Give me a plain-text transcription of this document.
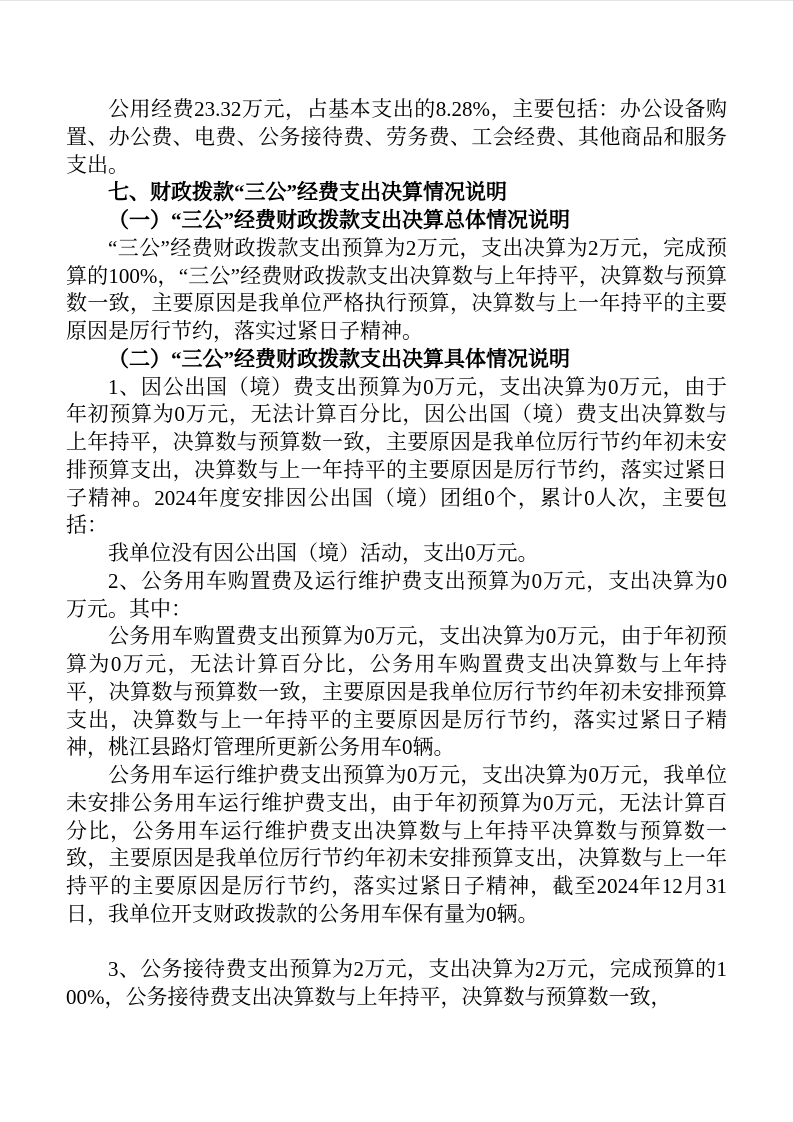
公用经费23.32万元，占基本支出的8.28%，主要包括：办公设备购置、办公费、电费、公务接待费、劳务费、工会经费、其他商品和服务支出。

七、财政拨款“三公”经费支出决算情况说明

（一）“三公”经费财政拨款支出决算总体情况说明

“三公”经费财政拨款支出预算为2万元，支出决算为2万元，完成预算的100%，“三公”经费财政拨款支出决算数与上年持平，决算数与预算数一致，主要原因是我单位严格执行预算，决算数与上一年持平的主要原因是厉行节约，落实过紧日子精神。

（二）“三公”经费财政拨款支出决算具体情况说明

1、因公出国（境）费支出预算为0万元，支出决算为0万元，由于年初预算为0万元，无法计算百分比，因公出国（境）费支出决算数与上年持平，决算数与预算数一致，主要原因是我单位厉行节约年初未安排预算支出，决算数与上一年持平的主要原因是厉行节约，落实过紧日子精神。2024年度安排因公出国（境）团组0个，累计0人次，主要包括：

我单位没有因公出国（境）活动，支出0万元。

2、公务用车购置费及运行维护费支出预算为0万元，支出决算为0万元。其中：

公务用车购置费支出预算为0万元，支出决算为0万元，由于年初预算为0万元，无法计算百分比，公务用车购置费支出决算数与上年持平，决算数与预算数一致，主要原因是我单位厉行节约年初未安排预算支出，决算数与上一年持平的主要原因是厉行节约，落实过紧日子精神，桃江县路灯管理所更新公务用车0辆。

公务用车运行维护费支出预算为0万元，支出决算为0万元，我单位未安排公务用车运行维护费支出，由于年初预算为0万元，无法计算百分比，公务用车运行维护费支出决算数与上年持平决算数与预算数一致，主要原因是我单位厉行节约年初未安排预算支出，决算数与上一年持平的主要原因是厉行节约，落实过紧日子精神，截至2024年12月31日，我单位开支财政拨款的公务用车保有量为0辆。

3、公务接待费支出预算为2万元，支出决算为2万元，完成预算的100%，公务接待费支出决算数与上年持平，决算数与预算数一致，
